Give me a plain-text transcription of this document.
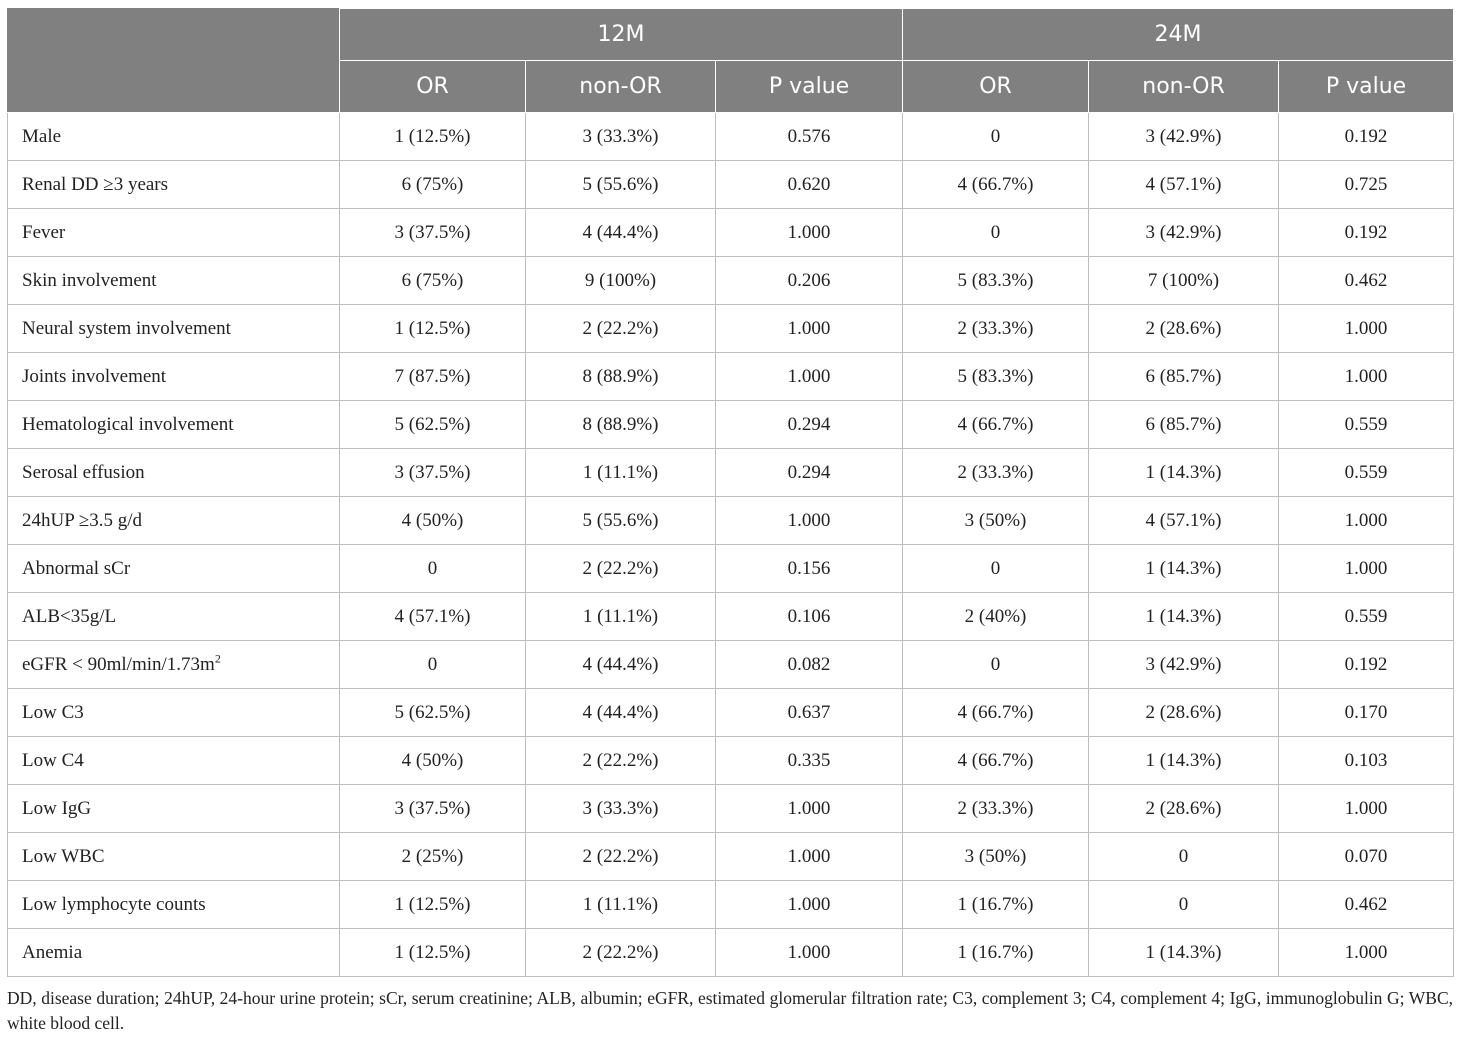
	12M			24M		
	OR	non-OR	P value	OR	non-OR	P value
Male	1 (12.5%)	3 (33.3%)	0.576	0	3 (42.9%)	0.192
Renal DD ≥3 years	6 (75%)	5 (55.6%)	0.620	4 (66.7%)	4 (57.1%)	0.725
Fever	3 (37.5%)	4 (44.4%)	1.000	0	3 (42.9%)	0.192
Skin involvement	6 (75%)	9 (100%)	0.206	5 (83.3%)	7 (100%)	0.462
Neural system involvement	1 (12.5%)	2 (22.2%)	1.000	2 (33.3%)	2 (28.6%)	1.000
Joints involvement	7 (87.5%)	8 (88.9%)	1.000	5 (83.3%)	6 (85.7%)	1.000
Hematological involvement	5 (62.5%)	8 (88.9%)	0.294	4 (66.7%)	6 (85.7%)	0.559
Serosal effusion	3 (37.5%)	1 (11.1%)	0.294	2 (33.3%)	1 (14.3%)	0.559
24hUP ≥3.5 g/d	4 (50%)	5 (55.6%)	1.000	3 (50%)	4 (57.1%)	1.000
Abnormal sCr	0	2 (22.2%)	0.156	0	1 (14.3%)	1.000
ALB<35g/L	4 (57.1%)	1 (11.1%)	0.106	2 (40%)	1 (14.3%)	0.559
eGFR < $90ml/\min/1.73m^2$	0	4 (44.4%)	0.082	0	3 (42.9%)	0.192
Low C3	5 (62.5%)	4 (44.4%)	0.637	4 (66.7%)	2 (28.6%)	0.170
Low C4	4 (50%)	2 (22.2%)	0.335	4 (66.7%)	1 (14.3%)	0.103
Low IgG	3 (37.5%)	3 (33.3%)	1.000	2 (33.3%)	2 (28.6%)	1.000
Low WBC	2 (25%)	2 (22.2%)	1.000	3 (50%)	0	0.070
Low lymphocyte counts	1 (12.5%)	1 (11.1%)	1.000	1 (16.7%)	0	0.462
Anemia	1 (12.5%)	2 (22.2%)	1.000	1 (16.7%)	1 (14.3%)	1.000
DD, disease duration; 24hUP, 24-hour urine protein; sCr, serum creatinine; ALB, albumin; eGFR, estimated glomerular filtration rate; C3, complement 3; C4, complement 4; IgG, immunoglobulin G; WBC, white blood cell.
